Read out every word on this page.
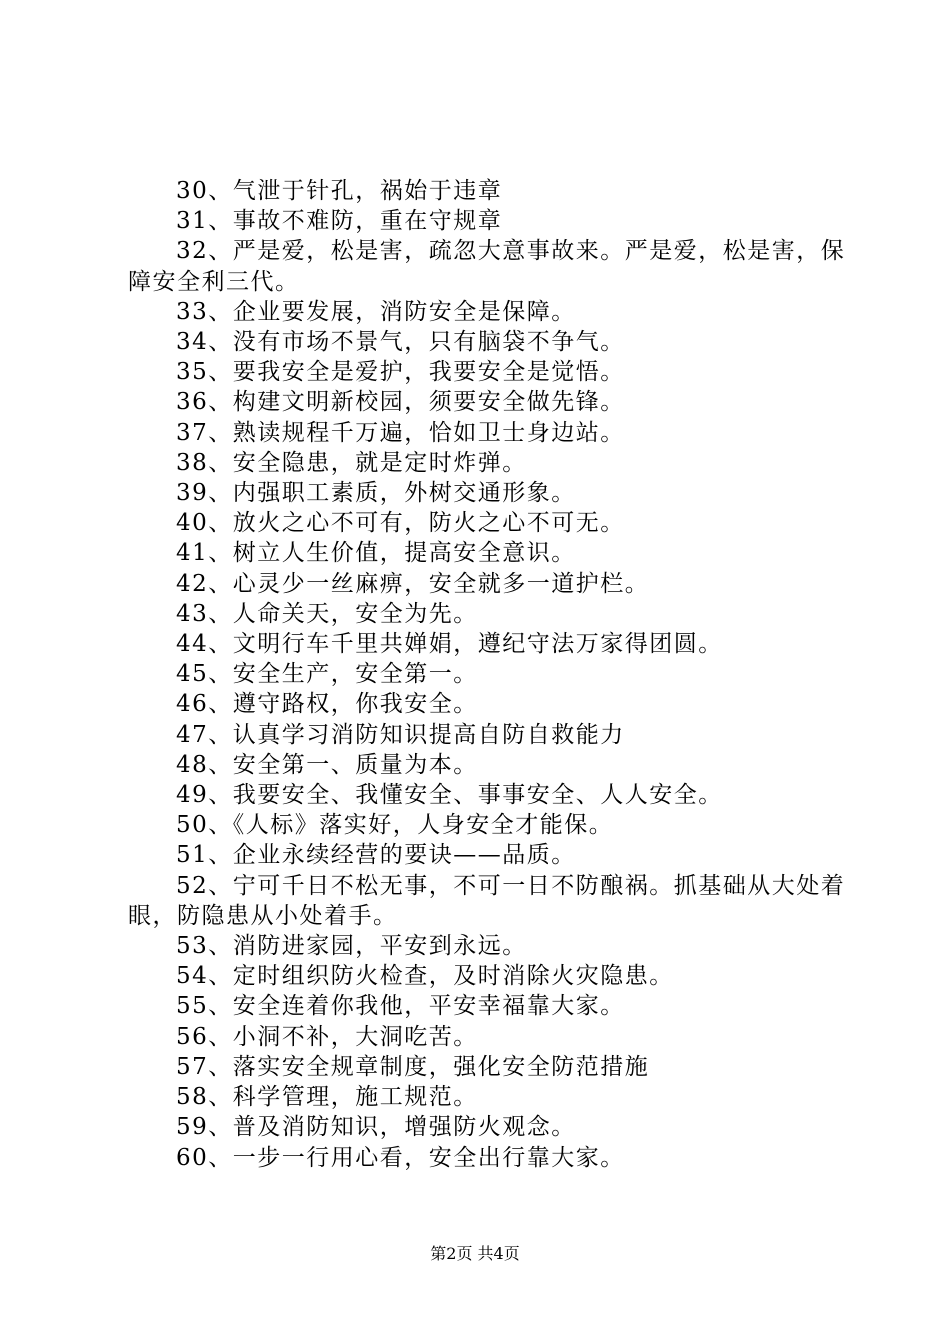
30、气泄于针孔，祸始于违章

31、事故不难防，重在守规章

32、严是爱，松是害，疏忽大意事故来。严是爱，松是害，保障安全利三代。

33、企业要发展，消防安全是保障。

34、没有市场不景气，只有脑袋不争气。

35、要我安全是爱护，我要安全是觉悟。

36、构建文明新校园，须要安全做先锋。

37、熟读规程千万遍，恰如卫士身边站。

38、安全隐患，就是定时炸弹。

39、内强职工素质，外树交通形象。

40、放火之心不可有，防火之心不可无。

41、树立人生价值，提高安全意识。

42、心灵少一丝麻痹，安全就多一道护栏。

43、人命关天，安全为先。

44、文明行车千里共婵娟，遵纪守法万家得团圆。

45、安全生产，安全第一。

46、遵守路权，你我安全。

47、认真学习消防知识提高自防自救能力

48、安全第一、质量为本。

49、我要安全、我懂安全、事事安全、人人安全。

50、《人标》落实好，人身安全才能保。

51、企业永续经营的要诀——品质。

52、宁可千日不松无事，不可一日不防酿祸。抓基础从大处着眼，防隐患从小处着手。

53、消防进家园，平安到永远。

54、定时组织防火检查，及时消除火灾隐患。

55、安全连着你我他，平安幸福靠大家。

56、小洞不补，大洞吃苦。

57、落实安全规章制度，强化安全防范措施

58、科学管理，施工规范。

59、普及消防知识，增强防火观念。

60、一步一行用心看，安全出行靠大家。

第2页 共4页
